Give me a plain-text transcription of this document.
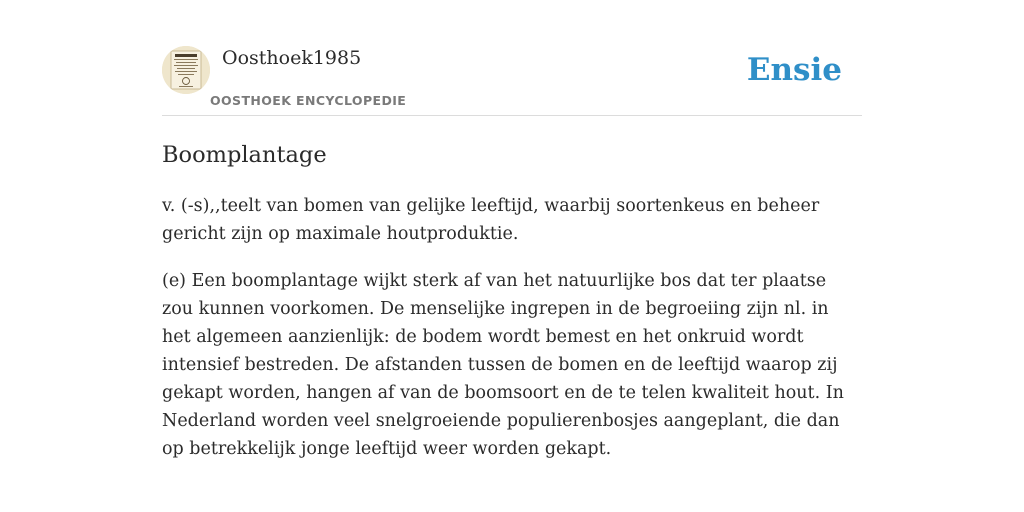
Oosthoek1985
OOSTHOEK ENCYCLOPEDIE
Ensie
Boomplantage

v. (-s),,teelt van bomen van gelijke leeftijd, waarbij soortenkeus en beheer gericht zijn op maximale houtproduktie.

(e) Een boomplantage wijkt sterk af van het natuurlijke bos dat ter plaatse zou kunnen voorkomen. De menselijke ingrepen in de begroeiing zijn nl. in het algemeen aanzienlijk: de bodem wordt bemest en het onkruid wordt intensief bestreden. De afstanden tussen de bomen en de leeftijd waarop zij gekapt worden, hangen af van de boomsoort en de te telen kwaliteit hout. In Nederland worden veel snelgroeiende populierenbosjes aangeplant, die dan op betrekkelijk jonge leeftijd weer worden gekapt.
